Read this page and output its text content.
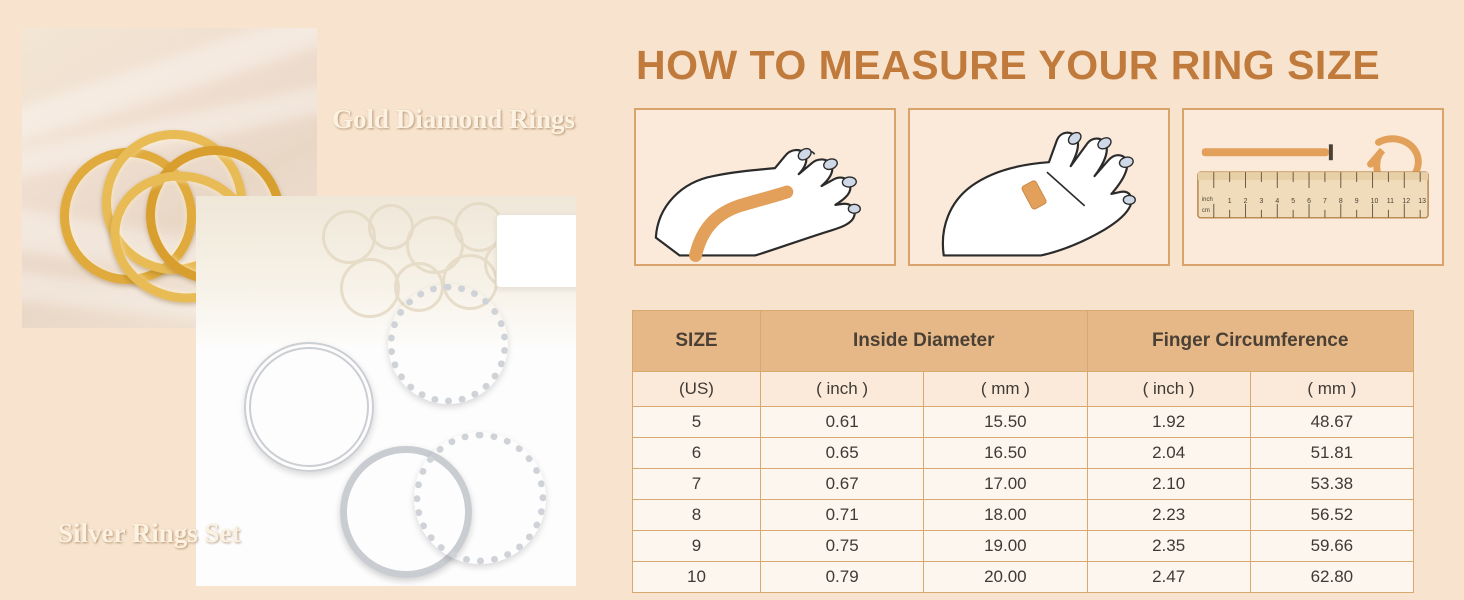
Gold Diamond Rings
Silver Rings Set
HOW TO MEASURE YOUR RING SIZE
inch
cm
1 2 3 4 5 6 7 8 9 10 11 12 13
SIZE	Inside Diameter		Finger Circumference	
(US)	( inch )	( mm )	( inch )	( mm )
5	0.61	15.50	1.92	48.67
6	0.65	16.50	2.04	51.81
7	0.67	17.00	2.10	53.38
8	0.71	18.00	2.23	56.52
9	0.75	19.00	2.35	59.66
10	0.79	20.00	2.47	62.80
